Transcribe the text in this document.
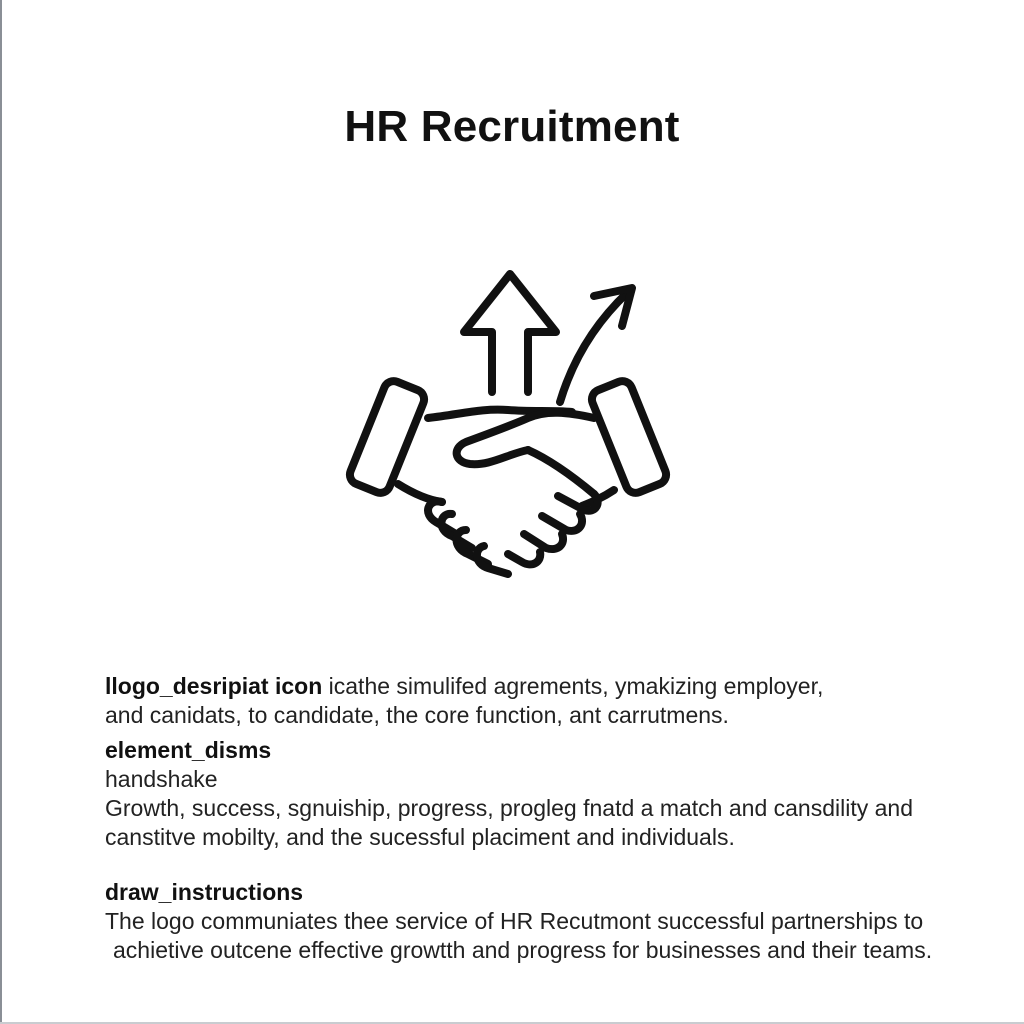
HR Recruitment

llogo_desripiat icon icathe simulifed agrements, ymakizing employer,

and canidats, to candidate, the core function, ant carrutmens.

element_disms

handshake

Growth, success, sgnuiship, progress, progleg fnatd a match and cansdility and

canstitve mobilty, and the sucessful placiment and individuals.

draw_instructions

The logo communiates thee service of HR Recutmont successful partnerships to

achietive outcene effective growtth and progress for businesses and their teams.
